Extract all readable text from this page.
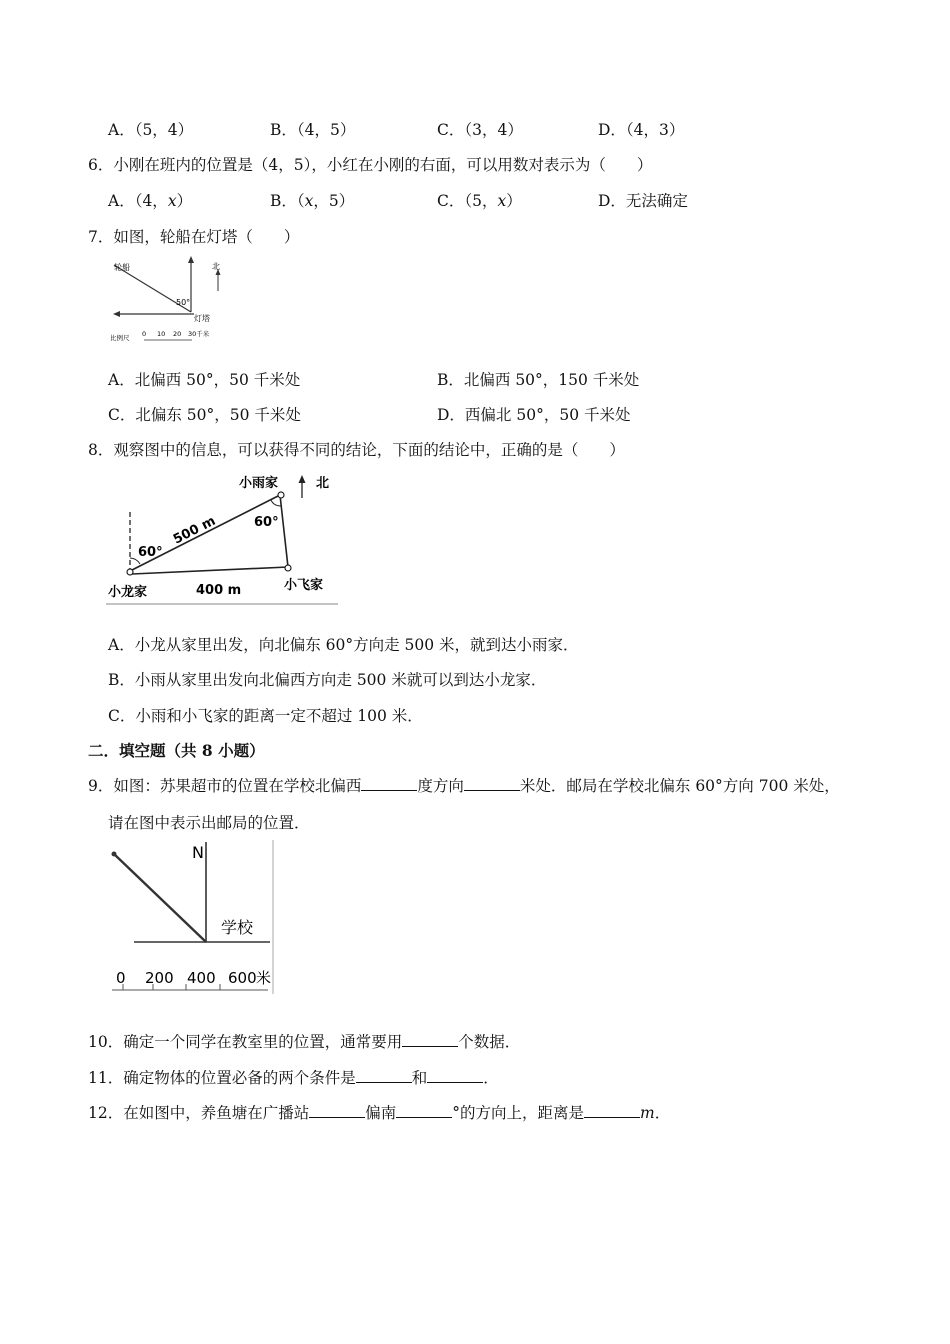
A．（5，4）	B．（4，5）	C．（3，4）	D．（4，3）
6．小刚在班内的位置是（4，5），小红在小刚的右面，可以用数对表示为（　　）
A．（4，x）	B．（x，5）	C．（5，x）	D．无法确定
7．如图，轮船在灯塔（　　）
北
轮船
50°
灯塔
比例尺 0 10 20 30千米
A．北偏西 50°，50 千米处	B．北偏西 50°，150 千米处
C．北偏东 50°，50 千米处	D．西偏北 50°，50 千米处
8．观察图中的信息，可以获得不同的结论，下面的结论中，正确的是（　　）
小雨家	北
500 m
60°
60°
400 m
小龙家	小飞家
A．小龙从家里出发，向北偏东 60°方向走 500 米，就到达小雨家．
B．小雨从家里出发向北偏西方向走 500 米就可以到达小龙家．
C．小雨和小飞家的距离一定不超过 100 米．
二．填空题（共 8 小题）
9．如图：苏果超市的位置在学校北偏西	度方向	米处．邮局在学校北偏东 60°方向 700 米处，
请在图中表示出邮局的位置．
N
学校
0 200 400 600 米
10．确定一个同学在教室里的位置，通常要用	个数据．
11．确定物体的位置必备的两个条件是	和	．
12．在如图中，养鱼塘在广播站	偏南	°的方向上，距离是	m．
